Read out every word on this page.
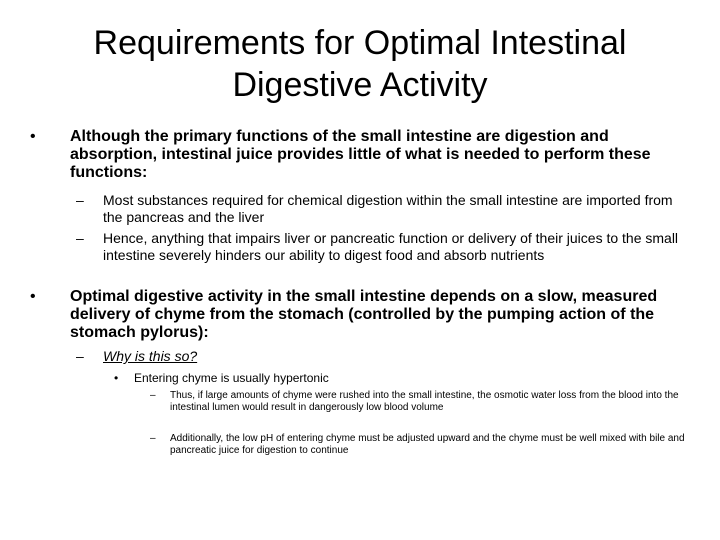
Requirements for Optimal Intestinal Digestive Activity
•	Although the primary functions of the small intestine are digestion and absorption, intestinal juice provides little of what is needed to perform these functions:
–	Most substances required for chemical digestion within the small intestine are imported from the pancreas and the liver
–	Hence, anything that impairs liver or pancreatic function or delivery of their juices to the small intestine severely hinders our ability to digest food and absorb nutrients
•	Optimal digestive activity in the small intestine depends on a slow, measured delivery of chyme from the stomach (controlled by the pumping action of the stomach pylorus):
–	Why is this so?
•	Entering chyme is usually hypertonic
–	Thus, if large amounts of chyme were rushed into the small intestine, the osmotic water loss from the blood into the intestinal lumen would result in dangerously low blood volume
–	Additionally, the low pH of entering chyme must be adjusted upward and the chyme must be well mixed with bile and pancreatic juice for digestion to continue
